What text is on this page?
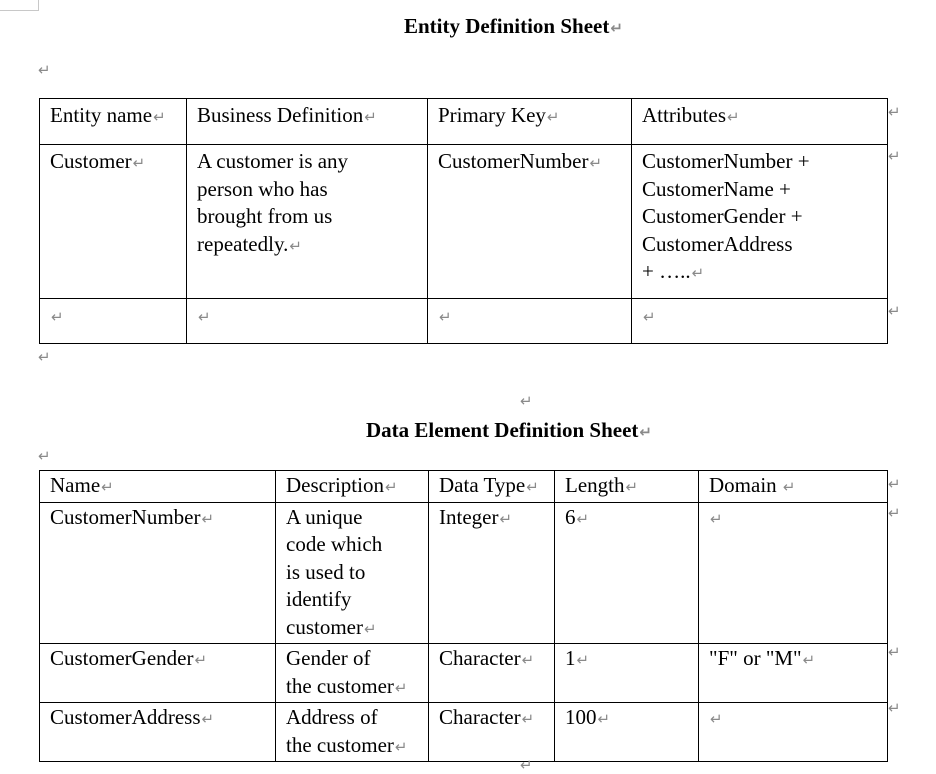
Entity Definition Sheet↵
↵
Entity name↵	Business Definition↵	Primary Key↵	Attributes↵
Customer↵	A customer is any
person who has
brought from us
repeatedly.↵	CustomerNumber↵	CustomerNumber +
CustomerName +
CustomerGender +
CustomerAddress
+ …..↵
↵	↵	↵	↵
↵
↵
↵
↵
↵
Data Element Definition Sheet↵
↵
Name↵	Description↵	Data Type↵	Length↵	Domain ↵
CustomerNumber↵	A unique
code which
is used to
identify
customer↵	Integer↵	6↵	↵
CustomerGender↵	Gender of
the customer↵	Character↵	1↵	"F" or "M"↵
CustomerAddress↵	Address of
the customer↵	Character↵	100↵	↵
↵
↵
↵
↵
↵
